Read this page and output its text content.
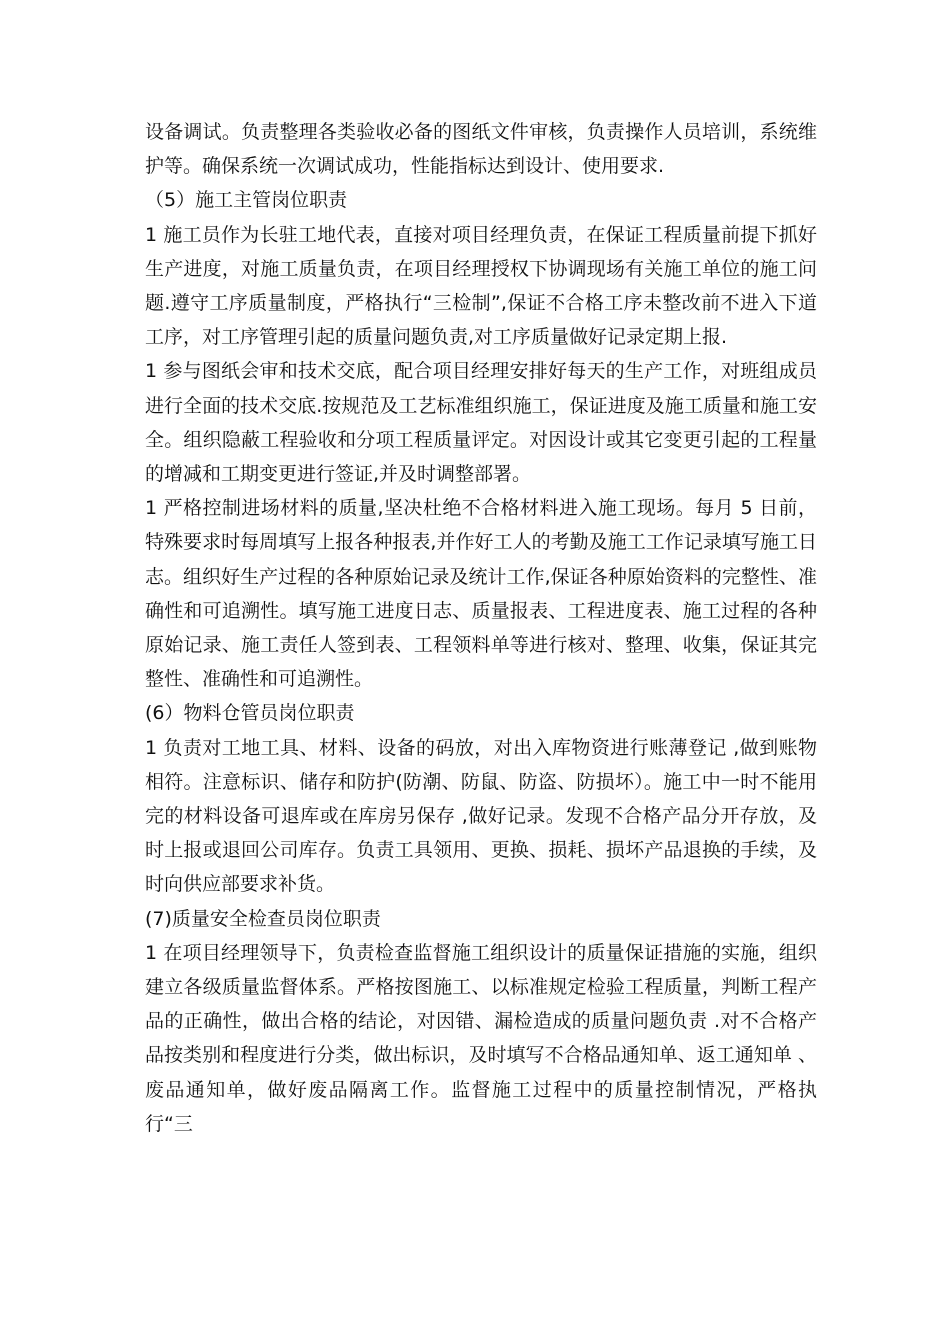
设备调试。负责整理各类验收必备的图纸文件审核，负责操作人员培训，系统维护等。确保系统一次调试成功，性能指标达到设计、使用要求.

（5）施工主管岗位职责

1 施工员作为长驻工地代表，直接对项目经理负责，在保证工程质量前提下抓好生产进度，对施工质量负责，在项目经理授权下协调现场有关施工单位的施工问题.遵守工序质量制度，严格执行“三检制”,保证不合格工序未整改前不进入下道工序，对工序管理引起的质量问题负责,对工序质量做好记录定期上报.

1 参与图纸会审和技术交底，配合项目经理安排好每天的生产工作，对班组成员进行全面的技术交底.按规范及工艺标准组织施工，保证进度及施工质量和施工安全。组织隐蔽工程验收和分项工程质量评定。对因设计或其它变更引起的工程量的增减和工期变更进行签证,并及时调整部署。

1 严格控制进场材料的质量,坚决杜绝不合格材料进入施工现场。每月 5 日前，特殊要求时每周填写上报各种报表,并作好工人的考勤及施工工作记录填写施工日志。组织好生产过程的各种原始记录及统计工作,保证各种原始资料的完整性、准确性和可追溯性。填写施工进度日志、质量报表、工程进度表、施工过程的各种原始记录、施工责任人签到表、工程领料单等进行核对、整理、收集，保证其完整性、准确性和可追溯性。

(6）物料仓管员岗位职责

1 负责对工地工具、材料、设备的码放，对出入库物资进行账薄登记 ,做到账物相符。注意标识、储存和防护(防潮、防鼠、防盗、防损坏）。施工中一时不能用完的材料设备可退库或在库房另保存 ,做好记录。发现不合格产品分开存放，及时上报或退回公司库存。负责工具领用、更换、损耗、损坏产品退换的手续，及时向供应部要求补货。

(7)质量安全检查员岗位职责

1 在项目经理领导下，负责检查监督施工组织设计的质量保证措施的实施，组织建立各级质量监督体系。严格按图施工、以标准规定检验工程质量，判断工程产品的正确性，做出合格的结论，对因错、漏检造成的质量问题负责 .对不合格产品按类别和程度进行分类，做出标识，及时填写不合格品通知单、返工通知单 、废品通知单，做好废品隔离工作。监督施工过程中的质量控制情况，严格执行“三
